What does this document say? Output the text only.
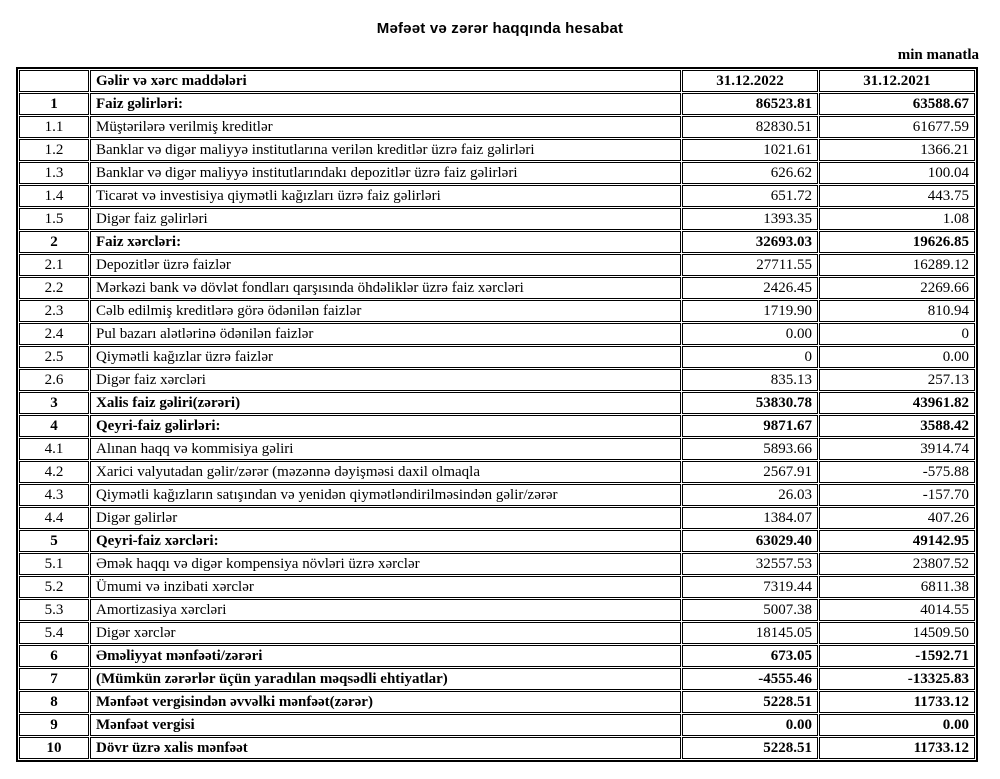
Məfəət və zərər haqqında hesabat
min manatla
	Gəlir və xərc maddələri	31.12.2022	31.12.2021
1	Faiz gəlirləri:	86523.81	63588.67
1.1	Müştərilərə verilmiş kreditlər	82830.51	61677.59
1.2	Banklar və digər maliyyə institutlarına verilən kreditlər üzrə faiz gəlirləri	1021.61	1366.21
1.3	Banklar və digər maliyyə institutlarındakı depozitlər üzrə faiz gəlirləri	626.62	100.04
1.4	Ticarət və investisiya qiymətli kağızları üzrə faiz gəlirləri	651.72	443.75
1.5	Digər faiz gəlirləri	1393.35	1.08
2	Faiz xərcləri:	32693.03	19626.85
2.1	Depozitlər üzrə faizlər	27711.55	16289.12
2.2	Mərkəzi bank və dövlət fondları qarşısında öhdəliklər üzrə faiz xərcləri	2426.45	2269.66
2.3	Cəlb edilmiş kreditlərə görə ödənilən faizlər	1719.90	810.94
2.4	Pul bazarı alətlərinə ödənilən faizlər	0.00	0
2.5	Qiymətli kağızlar üzrə faizlər	0	0.00
2.6	Digər faiz xərcləri	835.13	257.13
3	Xalis faiz gəliri(zərəri)	53830.78	43961.82
4	Qeyri-faiz gəlirləri:	9871.67	3588.42
4.1	Alınan haqq və kommisiya gəliri	5893.66	3914.74
4.2	Xarici valyutadan gəlir/zərər (məzənnə dəyişməsi daxil olmaqla	2567.91	-575.88
4.3	Qiymətli kağızların satışından və yenidən qiymətləndirilməsindən gəlir/zərər	26.03	-157.70
4.4	Digər gəlirlər	1384.07	407.26
5	Qeyri-faiz xərcləri:	63029.40	49142.95
5.1	Əmək haqqı və digər kompensiya növləri üzrə xərclər	32557.53	23807.52
5.2	Ümumi və inzibati xərclər	7319.44	6811.38
5.3	Amortizasiya xərcləri	5007.38	4014.55
5.4	Digər xərclər	18145.05	14509.50
6	Əməliyyat mənfəəti/zərəri	673.05	-1592.71
7	(Mümkün zərərlər üçün yaradılan məqsədli ehtiyatlar)	-4555.46	-13325.83
8	Mənfəət vergisindən əvvəlki mənfəət(zərər)	5228.51	11733.12
9	Mənfəət vergisi	0.00	0.00
10	Dövr üzrə xalis mənfəət	5228.51	11733.12
